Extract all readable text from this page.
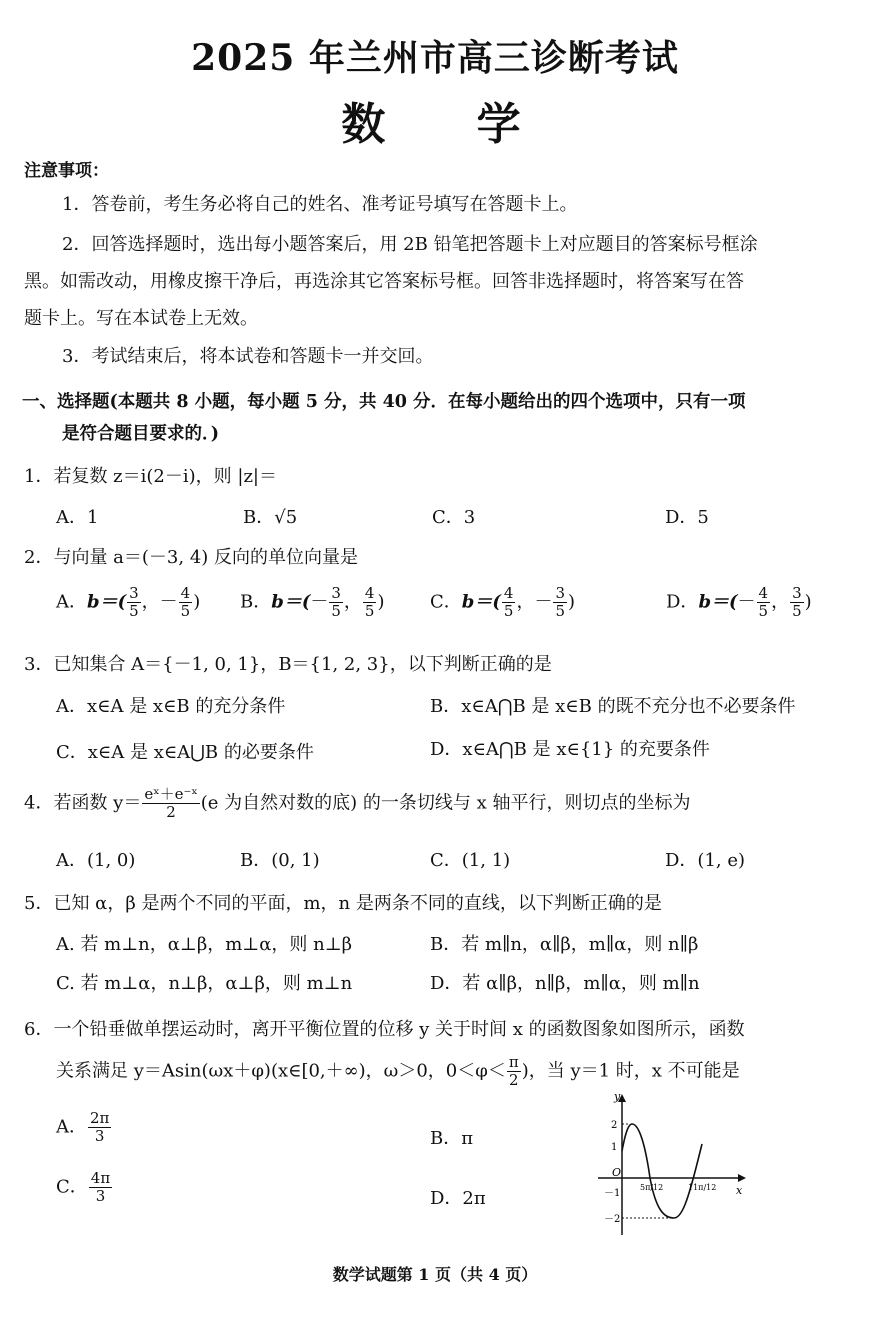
2025 年兰州市高三诊断考试
数 学
注意事项：
1．答卷前，考生务必将自己的姓名、准考证号填写在答题卡上。
2．回答选择题时，选出每小题答案后，用 2B 铅笔把答题卡上对应题目的答案标号框涂
黑。如需改动，用橡皮擦干净后，再选涂其它答案标号框。回答非选择题时，将答案写在答
题卡上。写在本试卷上无效。
3．考试结束后，将本试卷和答题卡一并交回。
一、选择题(本题共 8 小题，每小题 5 分，共 40 分．在每小题给出的四个选项中，只有一项
是符合题目要求的．)
1．若复数 z＝i(2－i)，则 |z|＝
A．1	B．√5	C．3	D．5
2．与向量 a＝(－3, 4) 反向的单位向量是
A．$b=( \frac{3}{5}$ ，－ $\frac{4}{5}$ ) B．$b=(- \frac{3}{5}$ ， $\frac{4}{5}$ )	C．$b=( \frac{4}{5}$ ，－ $\frac{3}{5}$ )	D．$b=(- \frac{4}{5}$ ， $\frac{3}{5}$ )
3．已知集合 A＝{－1, 0, 1}，B＝{1, 2, 3}，以下判断正确的是
A．x∈A 是 x∈B 的充分条件	B．x∈A⋂B 是 x∈B 的既不充分也不必要条件
C．x∈A 是 x∈A⋃B 的必要条件	D．x∈A⋂B 是 x∈{1} 的充要条件
4．若函数 $y= \frac{\text{eˣ＋e⁻ˣ}}{2} (e$ 为自然对数的底) 的一条切线与 x 轴平行，则切点的坐标为
A．(1, 0)	B．(0, 1)	C．(1, 1)	D．(1, e)
5．已知 α，β 是两个不同的平面，m，n 是两条不同的直线，以下判断正确的是
A. 若 m⊥n，α⊥β，m⊥α，则 n⊥β	B．若 m∥n，α∥β，m∥α，则 n∥β
C. 若 m⊥α，n⊥β，α⊥β，则 m⊥n	D．若 α∥β，n∥β，m∥α，则 m∥n
6．一个铅垂做单摆运动时，离开平衡位置的位移 y 关于时间 x 的函数图象如图所示，函数
关系满足 y＝Asin(ωx＋φ)(x∈[0,＋∞)，ω＞0，$0<\varphi< \frac{\pi}{2}$ )，当 y＝1 时，x 不可能是
A． $\frac{2\pi}{3}$	B．π
C． $\frac{4\pi}{3}$	D．2π
y
x
O
2
1
－1
－2
5π/12	11π/12
数学试题第 1 页（共 4 页）
